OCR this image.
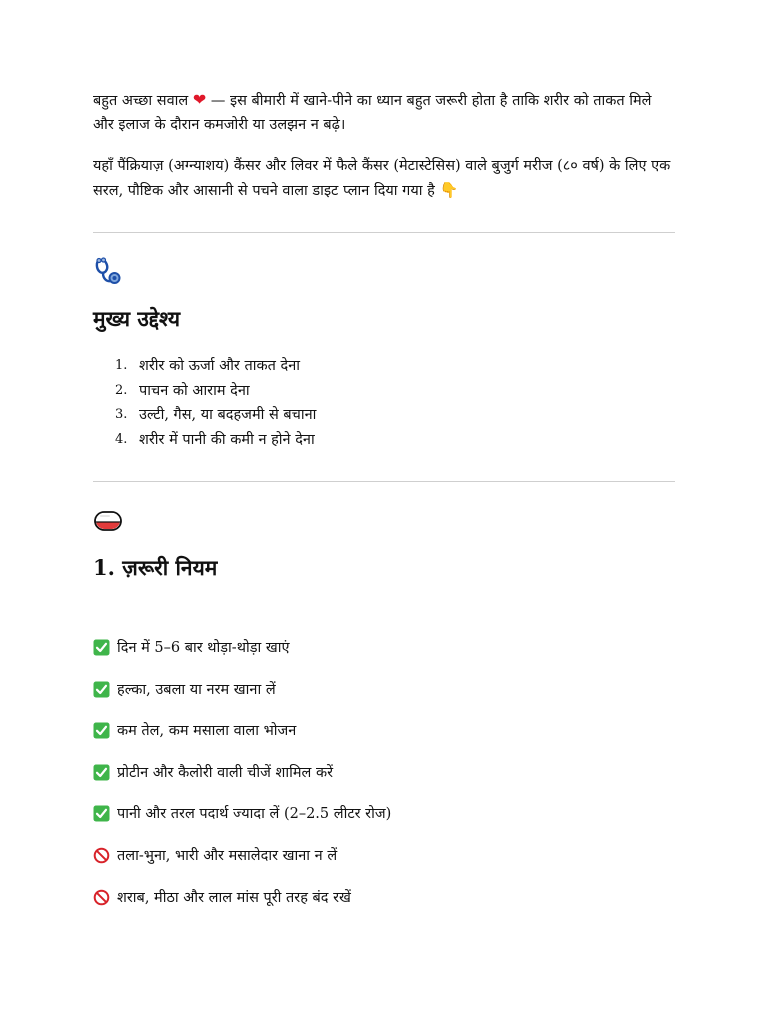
बहुत अच्छा सवाल ❤ — इस बीमारी में खाने-पीने का ध्यान बहुत जरूरी होता है ताकि शरीर को ताकत मिले और इलाज के दौरान कमजोरी या उलझन न बढ़े।

यहाँ पैंक्रियाज़ (अग्न्याशय) कैंसर और लिवर में फैले कैंसर (मेटास्टेसिस) वाले बुजुर्ग मरीज (८० वर्ष) के लिए एक सरल, पौष्टिक और आसानी से पचने वाला डाइट प्लान दिया गया है 👇

मुख्य उद्देश्य
1. शरीर को ऊर्जा और ताकत देना
2. पाचन को आराम देना
3. उल्टी, गैस, या बदहजमी से बचाना
4. शरीर में पानी की कमी न होने देना
1. ज़रूरी नियम
दिन में 5–6 बार थोड़ा-थोड़ा खाएं
हल्का, उबला या नरम खाना लें
कम तेल, कम मसाला वाला भोजन
प्रोटीन और कैलोरी वाली चीजें शामिल करें
पानी और तरल पदार्थ ज्यादा लें (2–2.5 लीटर रोज)
तला-भुना, भारी और मसालेदार खाना न लें
शराब, मीठा और लाल मांस पूरी तरह बंद रखें
